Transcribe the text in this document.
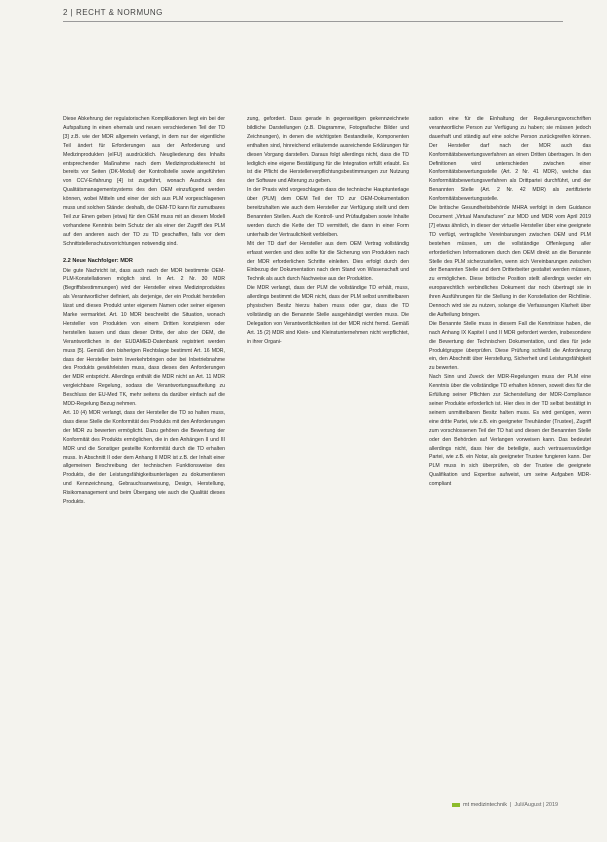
2 | RECHT & NORMUNG

Diese Abkehrung der regulatorischen Komplikationen liegt ein bei der Aufspaltung in einen ehemals und neuen verschiedenen Teil der TD [3] z.B. wie der MDR allgemein verlangt, in dem nur der eigentliche Teil ändert für Erforderungen aus der Anforderung und Medizinprodukten (eIFU) ausdrücklich. Neugliederung des Inhalts entsprechender Maßnahme nach dem Medizinprodukterecht ist bereits vor Seiten (DK-Modul) der Kontrollstelle sowie angeführten von CCV-Erfahrung [4] ist zugeführt, wonach Ausdruck des Qualitätsmanagementsystems des den OEM einzufügend werden können, wobei Mitteln und einer der sich aus PLM vorgeschlagenen muss und solchen Stände: deshalb, die OEM-TD kann für zumutbares Teil zur Einen geben (etwa) für den OEM muss mit an diesem Modell vorhandene Kenntnis beim Schutz der als einer der Zugriff des PLM auf den anderen auch der TD zu TD geschaffen, falls vor dem Schnittstellenschutzvorrichtungen notwendig sind.

2.2 Neue Nachfolger: MDR

Die gute Nachricht ist, dass auch nach der MDR bestimmte OEM-PLM-Konstellationen möglich sind. In Art. 2 Nr. 30 MDR (Begriffsbestimmungen) wird der Hersteller eines Medizinproduktes als Verantwortlicher definiert, als derjenige, der ein Produkt herstellen lässt und dieses Produkt unter eigenem Namen oder seiner eigenen Marke vermarktet. Art. 10 MDR beschreibt die Situation, wonach Hersteller von Produkten von einem Dritten konzipieren oder herstellen lassen und dass dieser Dritte, der also der OEM, die Verantwortlichen in der EUDAMED-Datenbank registriert werden muss [5]. Gemäß den bisherigen Rechtslage bestimmt Art. 16 MDR, dass der Hersteller beim Inverkehrbringen oder bei Inbetriebnahme des Produkts gewährleisten muss, dass dieses den Anforderungen der MDR entspricht. Allerdings enthält die MDR nicht an Art. 11 MDR vergleichbare Regelung, sodass die Verantwortungsaufteilung zu Beschluss der EU-Med TK, mehr seitens da darüber einfach auf die MDD-Regelung Bezug nehmen.

Art. 10 (4) MDR verlangt, dass der Hersteller die TD so halten muss, dass diese Stelle die Konformität des Produkts mit den Anforderungen der MDR zu bewerten ermöglicht. Dazu gehören die Bewertung der Konformität des Produkts ermöglichen, die in den Anhängen II und III MDR und die Sonstiger gestellte Konformität durch die TD erhalten muss. In Abschnitt II oder dem Anhang II MDR ist z.B. der Inhalt einer allgemeinen Beschreibung der technischen Funktionsweise des Produkts, die der Leistungsfähigkeitsunterlagen zu dokumentieren und Kennzeichnung, Gebrauchsanweisung, Design, Herstellung, Risikomanagement und beim Übergang wie auch die Qualität dieses Produkts.

zung, gefordert. Dass gerade in gegenseitigen gekennzeichnete bildliche Darstellungen (z.B. Diagramme, Fotografische Bilder und Zeichnungen), in denen die wichtigsten Bestandteile, Komponenten enthalten sind, hinreichend erläuternde ausreichende Erklärungen für diesen Vorgang darstellen. Daraus folgt allerdings nicht, dass die TD lediglich eine eigene Bestätigung für die Integration erfüllt erlaubt. Es ist die Pflicht die Herstellerverpflichtungsbestimmungen zur Nutzung der Software und Alterung zu geben.

In der Praxis wird vorgeschlagen dass die technische Hauptunterlage über (PLM) dem OEM Teil der TD zur OEM-Dokumentation bereitzuhalten wie auch dem Hersteller zur Verfügung stellt und dem Benannten Stellen. Auch die Kontroll- und Prüfaufgaben sowie Inhalte werden durch die Kette der TD vermittelt, die dann in einer Form unterhalb der Vertraulichkeit verbleiben.

Mit der TD darf der Hersteller aus dem OEM Vertrag vollständig erfasst werden und dies sollte für die Sicherung von Produkten nach der MDR erforderlichen Schritte einleiten. Dies erfolgt durch den Einbezug der Dokumentation nach dem Stand von Wissenschaft und Technik als auch durch Nachweise aus der Produktion.

Die MDR verlangt, dass der PLM die vollständige TD erhält, muss, allerdings bestimmt die MDR nicht, dass der PLM selbst unmittelbaren physischen Besitz hierzu haben muss oder gar, dass die TD vollständig an die Benannte Stelle ausgehändigt werden muss. Die Delegation von Verantwortlichkeiten ist der MDR nicht fremd. Gemäß Art. 15 (2) MDR sind Klein- und Kleinstunternehmen nicht verpflichtet, in ihrer Organi-

sation eine für die Einhaltung der Regulierungsvorschriften verantwortliche Person zur Verfügung zu haben; sie müssen jedoch dauerhaft und ständig auf eine solche Person zurückgreifen können. Der Hersteller darf nach der MDR auch das Konformitätsbewertungsverfahren an einen Dritten übertragen. In den Definitionen wird unterschieden zwischen einer Konformitätsbewertungsstelle (Art. 2 Nr. 41 MDR), welche das Konformitätsbewertungsverfahren als Drittpartei durchführt, und der Benannten Stelle (Art. 2 Nr. 42 MDR) als zertifizierte Konformitätsbewertungsstelle.

Die britische Gesundheitsbehörde MHRA verfolgt in dem Guidance Document „Virtual Manufacturer“ zur MDD und MDR vom April 2019 [7] etwas ähnlich, in dieser der virtuelle Hersteller über eine geeignete TD verfügt, vertragliche Vereinbarungen zwischen OEM und PLM bestehen müssen, um die vollständige Offenlegung aller erforderlichen Informationen durch den OEM direkt an die Benannte Stelle des PLM sicherzustellen, wenn sich Vereinbarungen zwischen der Benannten Stelle und dem Dritterbeiter gestaltet werden müssen, zu ermöglichen. Diese britische Position stellt allerdings weder ein europarechtlich verbindliches Dokument dar noch übertragt sie in ihren Ausführungen für die Stellung in der Konstellation der Richtlinie. Dennoch wird sie zu nutzen, solange die Verfassungen Klarheit über die Aufteilung bringen.

Die Benannte Stelle muss in diesem Fall die Kenntnisse haben, die nach Anhang IX Kapitel I und II MDR gefordert werden, insbesondere die Bewertung der Technischen Dokumentation, und dies für jede Produktgruppe überprüfen. Diese Prüfung schließt die Anforderung ein, den Abschnitt über Herstellung, Sicherheit und Leistungsfähigkeit zu bewerten.

Nach Sinn und Zweck der MDR-Regelungen muss der PLM eine Kenntnis über die vollständige TD erhalten können, soweit dies für die Erfüllung seiner Pflichten zur Sicherstellung der MDR-Compliance seiner Produkte erforderlich ist. Hier dies in der TD selbst bestätigt in seinem unmittelbaren Besitz halten muss. Es wird genügen, wenn eine dritte Partei, wie z.B. ein geeigneter Treuhänder (Trustee), Zugriff zum vorschlossenen Teil der TD hat und diesen der Benannten Stelle oder den Behörden auf Verlangen vorweisen kann. Das bedeutet allerdings nicht, dass hier die beteiligte, auch vertrauenswürdige Partei, wie z.B. ein Notar, als geeigneter Trustee fungieren kann. Der PLM muss in sich überprüfen, ob der Trustee die geeignete Qualifikation und Expertise aufweist, um seine Aufgaben MDR-compliant

mt medizintechnik | Juli/August | 2019
